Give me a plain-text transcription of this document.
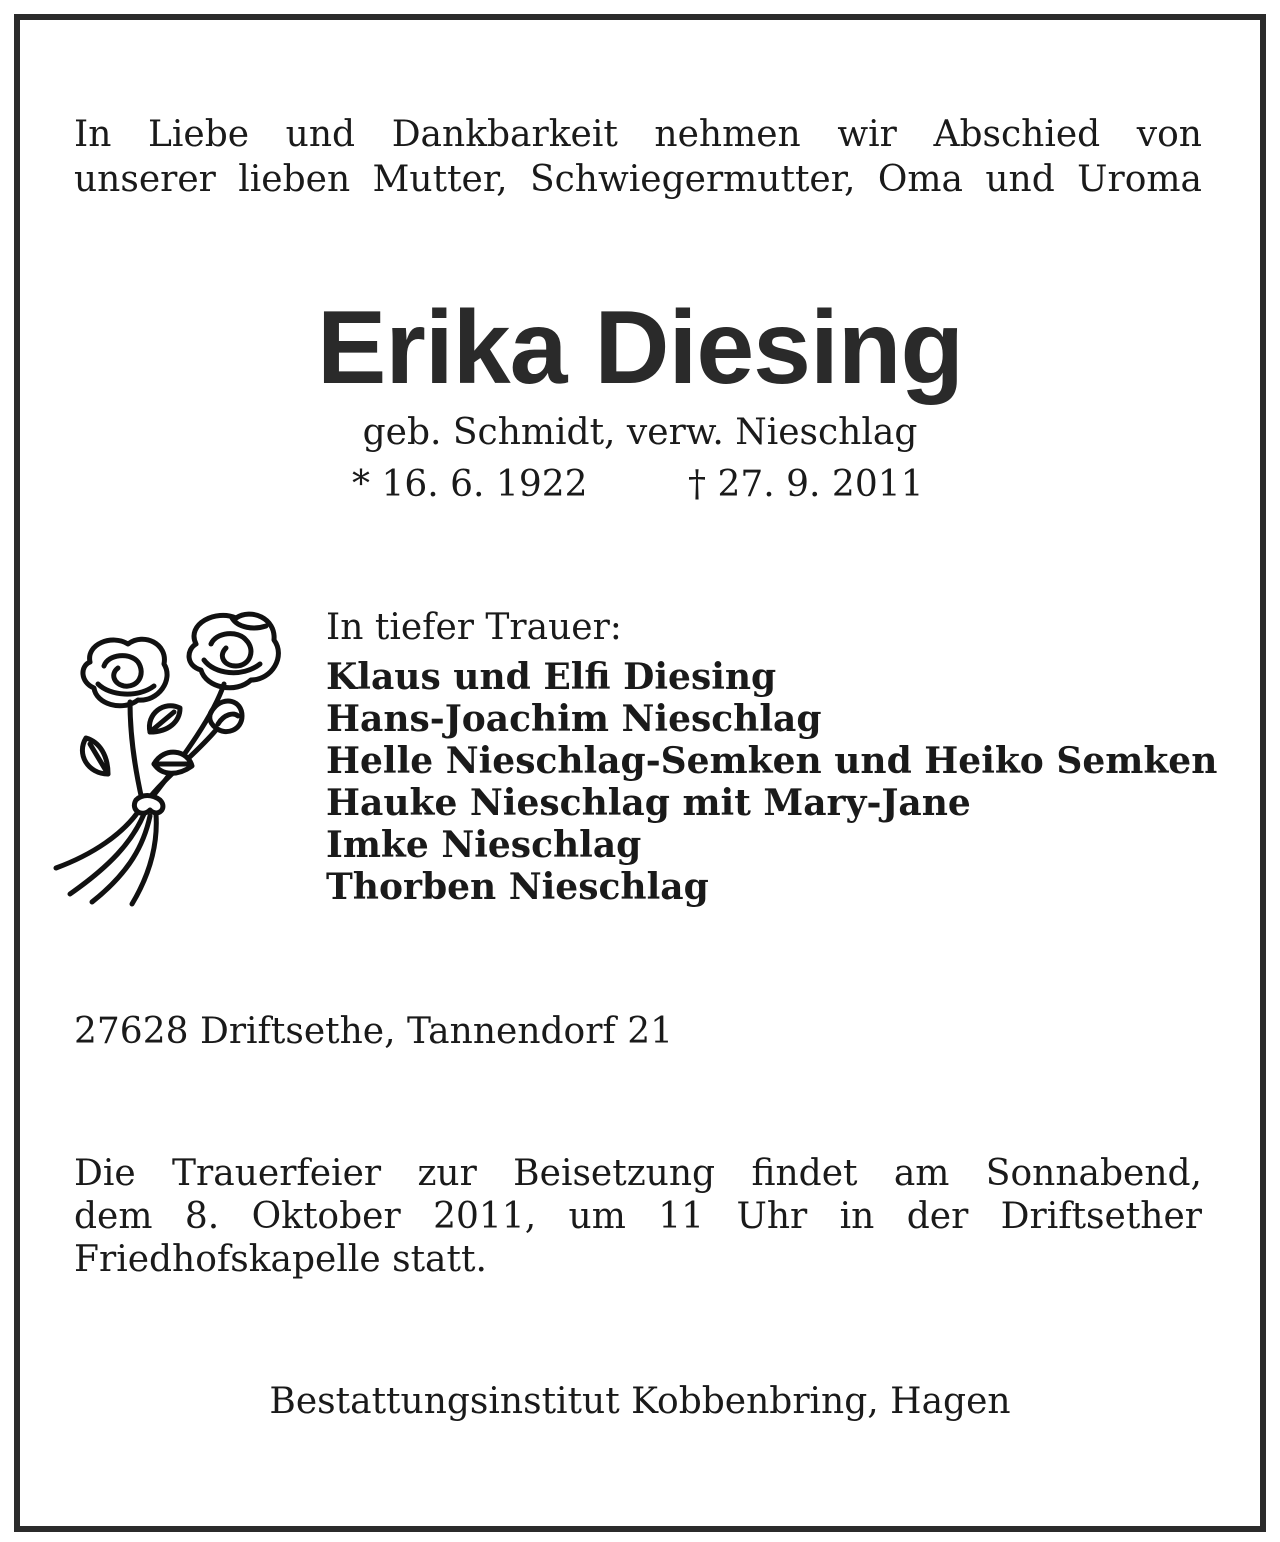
In Liebe und Dankbarkeit nehmen wir Abschied von
unserer lieben Mutter, Schwiegermutter, Oma und Uroma
Erika Diesing
geb. Schmidt, verw. Nieschlag
* 16. 6. 1922	† 27. 9. 2011
In tiefer Trauer:
Klaus und Elfi Diesing
Hans-Joachim Nieschlag
Helle Nieschlag-Semken und Heiko Semken
Hauke Nieschlag mit Mary-Jane
Imke Nieschlag
Thorben Nieschlag
27628 Driftsethe, Tannendorf 21
Die Trauerfeier zur Beisetzung findet am Sonnabend,
dem 8. Oktober 2011, um 11 Uhr in der Driftsether
Friedhofskapelle statt.
Bestattungsinstitut Kobbenbring, Hagen
